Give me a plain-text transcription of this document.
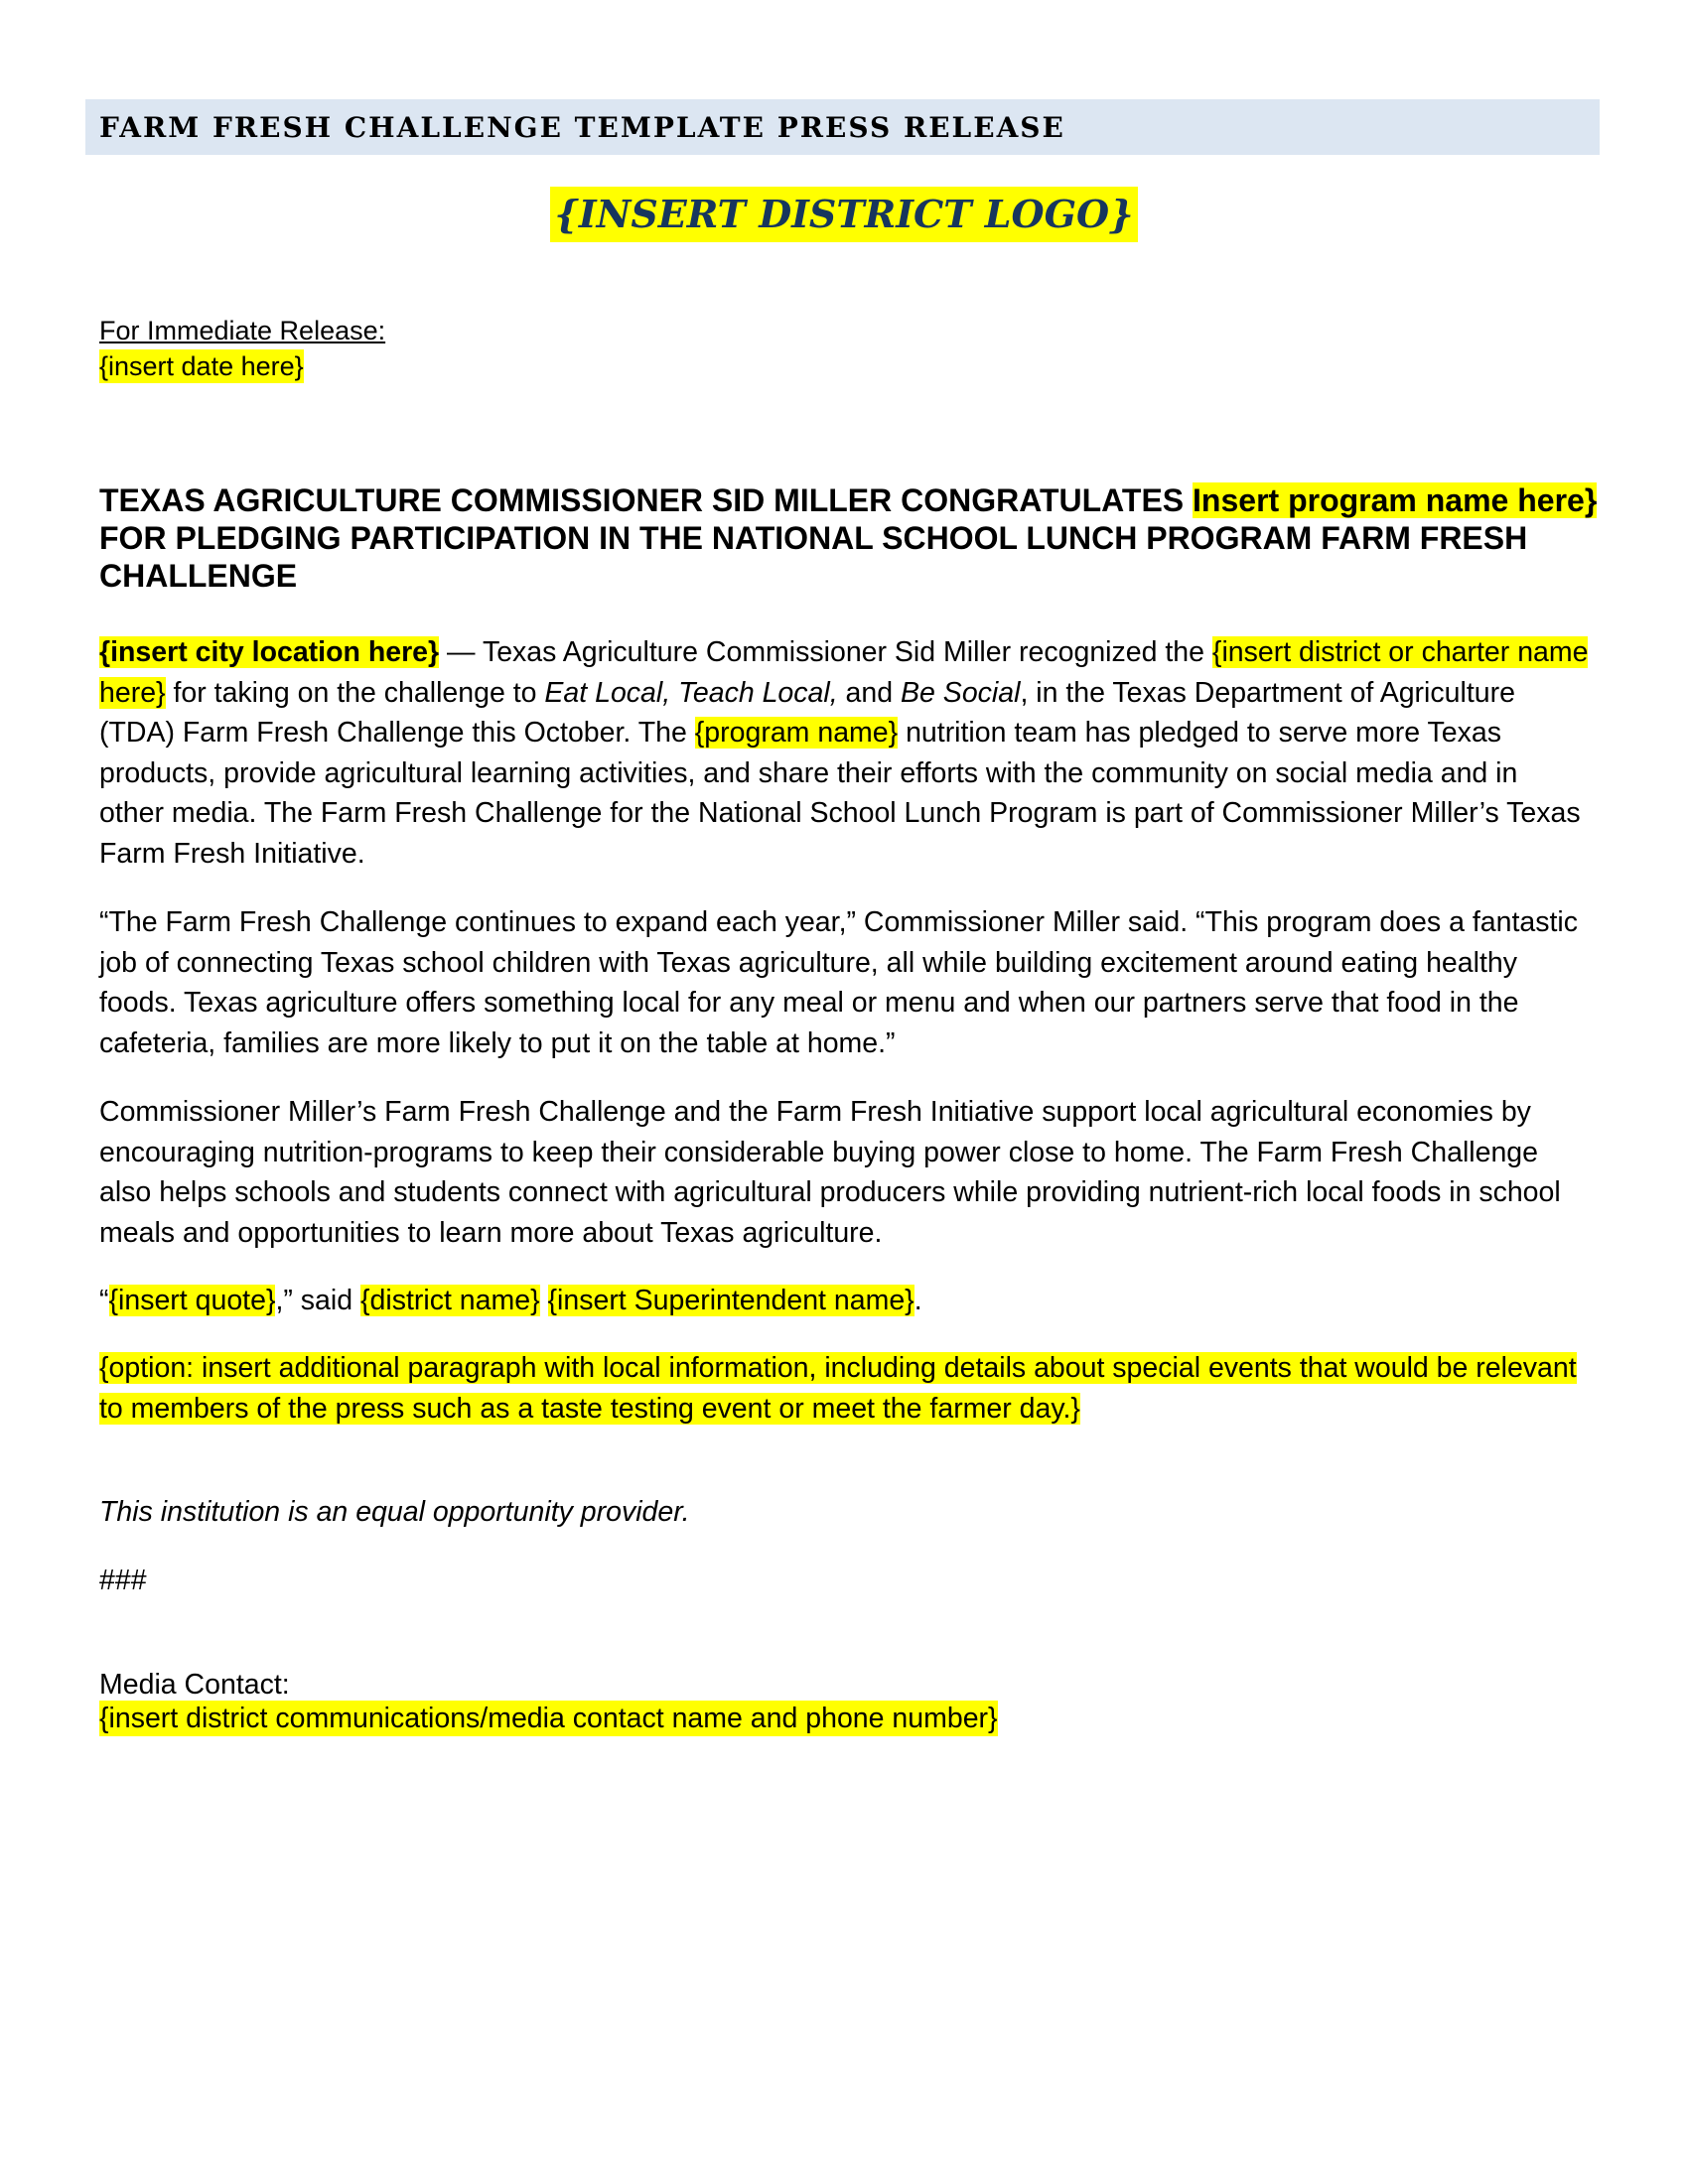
FARM FRESH CHALLENGE TEMPLATE PRESS RELEASE
{INSERT DISTRICT LOGO}
For Immediate Release:
{insert date here}

TEXAS AGRICULTURE COMMISSIONER SID MILLER CONGRATULATES Insert program name here} FOR PLEDGING PARTICIPATION IN THE NATIONAL SCHOOL LUNCH PROGRAM FARM FRESH CHALLENGE

{insert city location here} — Texas Agriculture Commissioner Sid Miller recognized the {insert district or charter name here} for taking on the challenge to Eat Local, Teach Local, and Be Social, in the Texas Department of Agriculture (TDA) Farm Fresh Challenge this October. The {program name} nutrition team has pledged to serve more Texas products, provide agricultural learning activities, and share their efforts with the community on social media and in other media. The Farm Fresh Challenge for the National School Lunch Program is part of Commissioner Miller’s Texas Farm Fresh Initiative.

“The Farm Fresh Challenge continues to expand each year,” Commissioner Miller said. “This program does a fantastic job of connecting Texas school children with Texas agriculture, all while building excitement around eating healthy foods. Texas agriculture offers something local for any meal or menu and when our partners serve that food in the cafeteria, families are more likely to put it on the table at home.”

Commissioner Miller’s Farm Fresh Challenge and the Farm Fresh Initiative support local agricultural economies by encouraging nutrition-programs to keep their considerable buying power close to home. The Farm Fresh Challenge also helps schools and students connect with agricultural producers while providing nutrient-rich local foods in school meals and opportunities to learn more about Texas agriculture.

“{insert quote},” said {district name} {insert Superintendent name}.

{option: insert additional paragraph with local information, including details about special events that would be relevant to members of the press such as a taste testing event or meet the farmer day.}

This institution is an equal opportunity provider.

###

Media Contact:
{insert district communications/media contact name and phone number}
